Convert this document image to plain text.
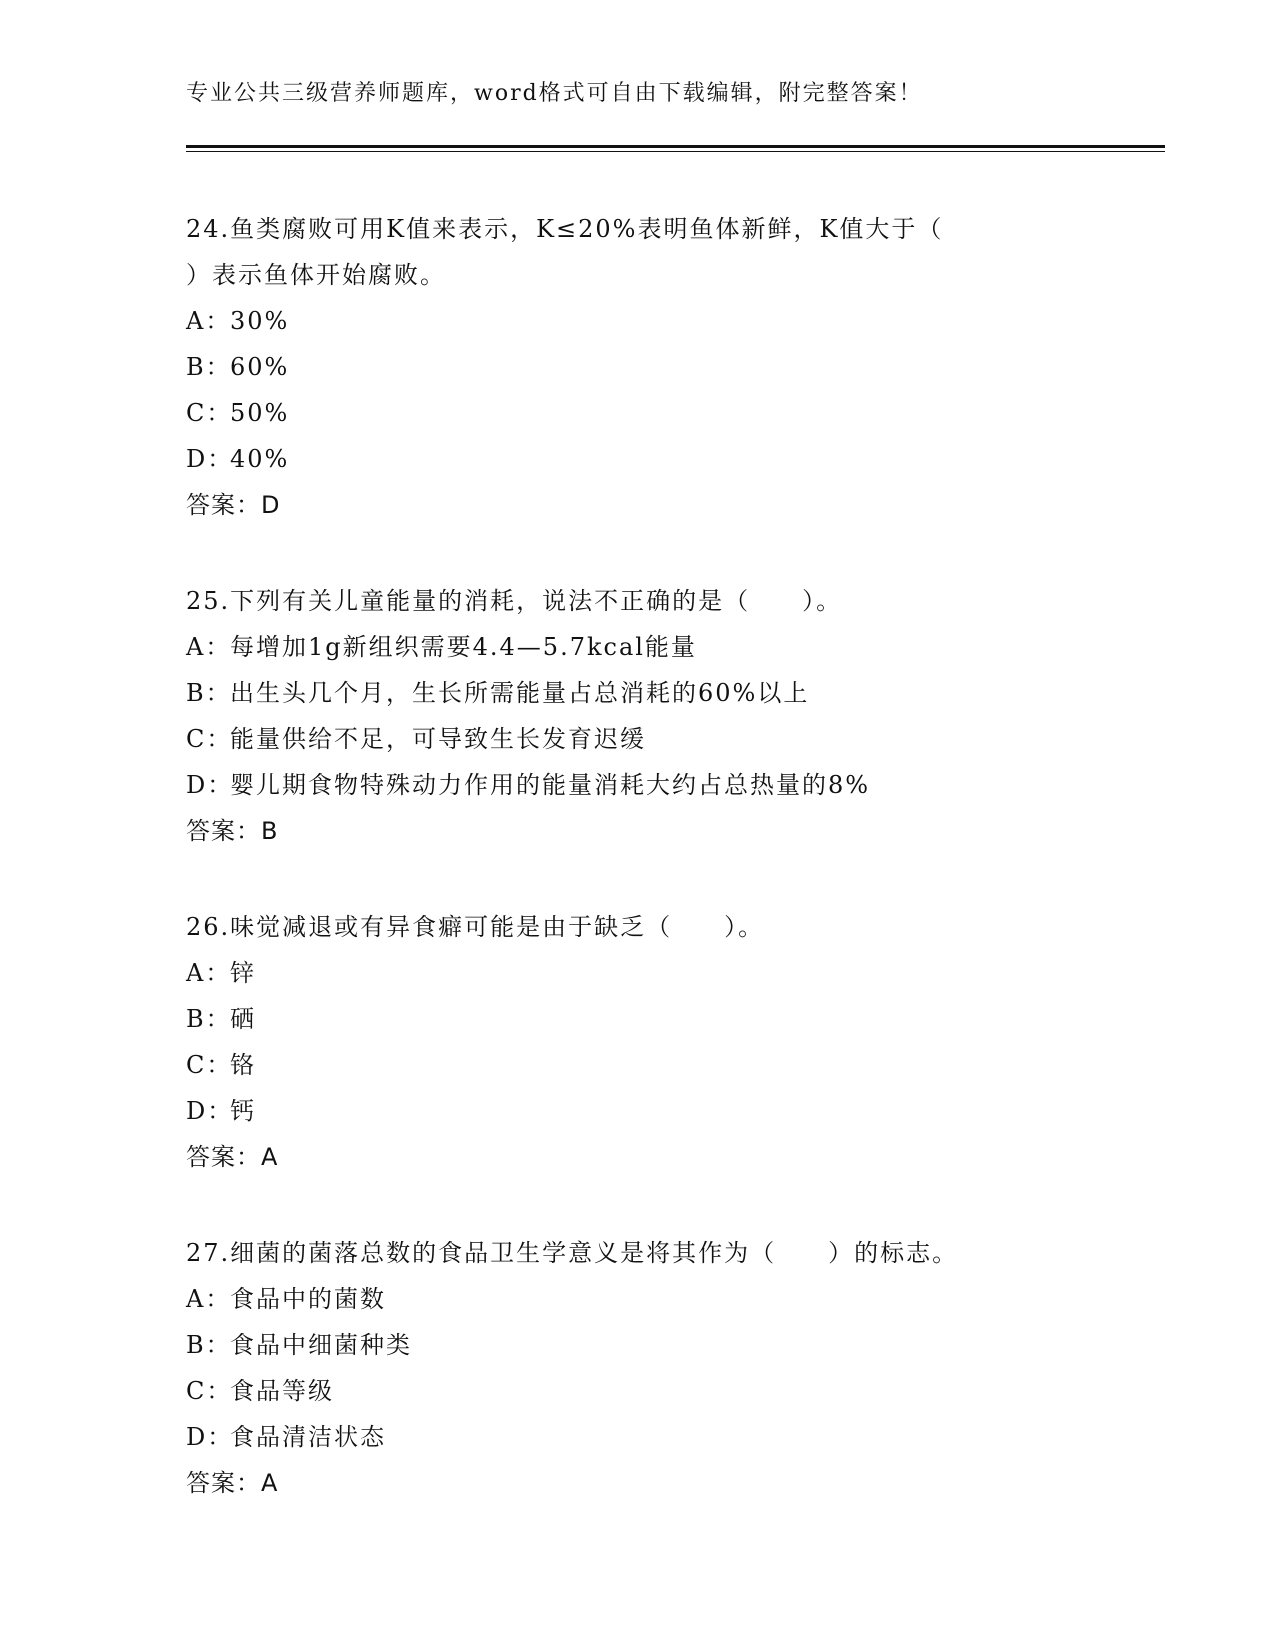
专业公共三级营养师题库，word格式可自由下载编辑，附完整答案！
24.鱼类腐败可用K值来表示，K≤20%表明鱼体新鲜，K值大于（
）表示鱼体开始腐败。
A：30%
B：60%
C：50%
D：40%
答案：D
25.下列有关儿童能量的消耗，说法不正确的是（　　）。
A：每增加1g新组织需要4.4—5.7kcal能量
B：出生头几个月，生长所需能量占总消耗的60%以上
C：能量供给不足，可导致生长发育迟缓
D：婴儿期食物特殊动力作用的能量消耗大约占总热量的8%
答案：B
26.味觉减退或有异食癖可能是由于缺乏（　　）。
A：锌
B：硒
C：铬
D：钙
答案：A
27.细菌的菌落总数的食品卫生学意义是将其作为（　　）的标志。
A：食品中的菌数
B：食品中细菌种类
C：食品等级
D：食品清洁状态
答案：A
